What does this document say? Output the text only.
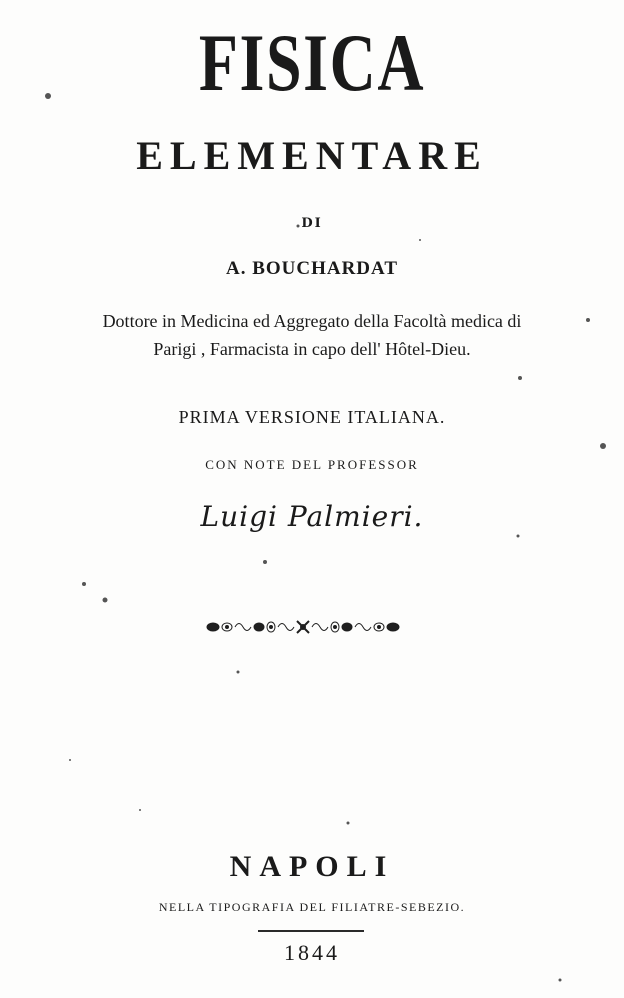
FISICA
ELEMENTARE
DI
A. BOUCHARDAT
Dottore in Medicina ed Aggregato della Facoltà medica di
Parigi , Farmacista in capo dell' Hôtel-Dieu.
PRIMA VERSIONE ITALIANA.
CON NOTE DEL PROFESSOR
Luigi Palmieri.
NAPOLI
NELLA TIPOGRAFIA DEL FILIATRE-SEBEZIO.
1844
